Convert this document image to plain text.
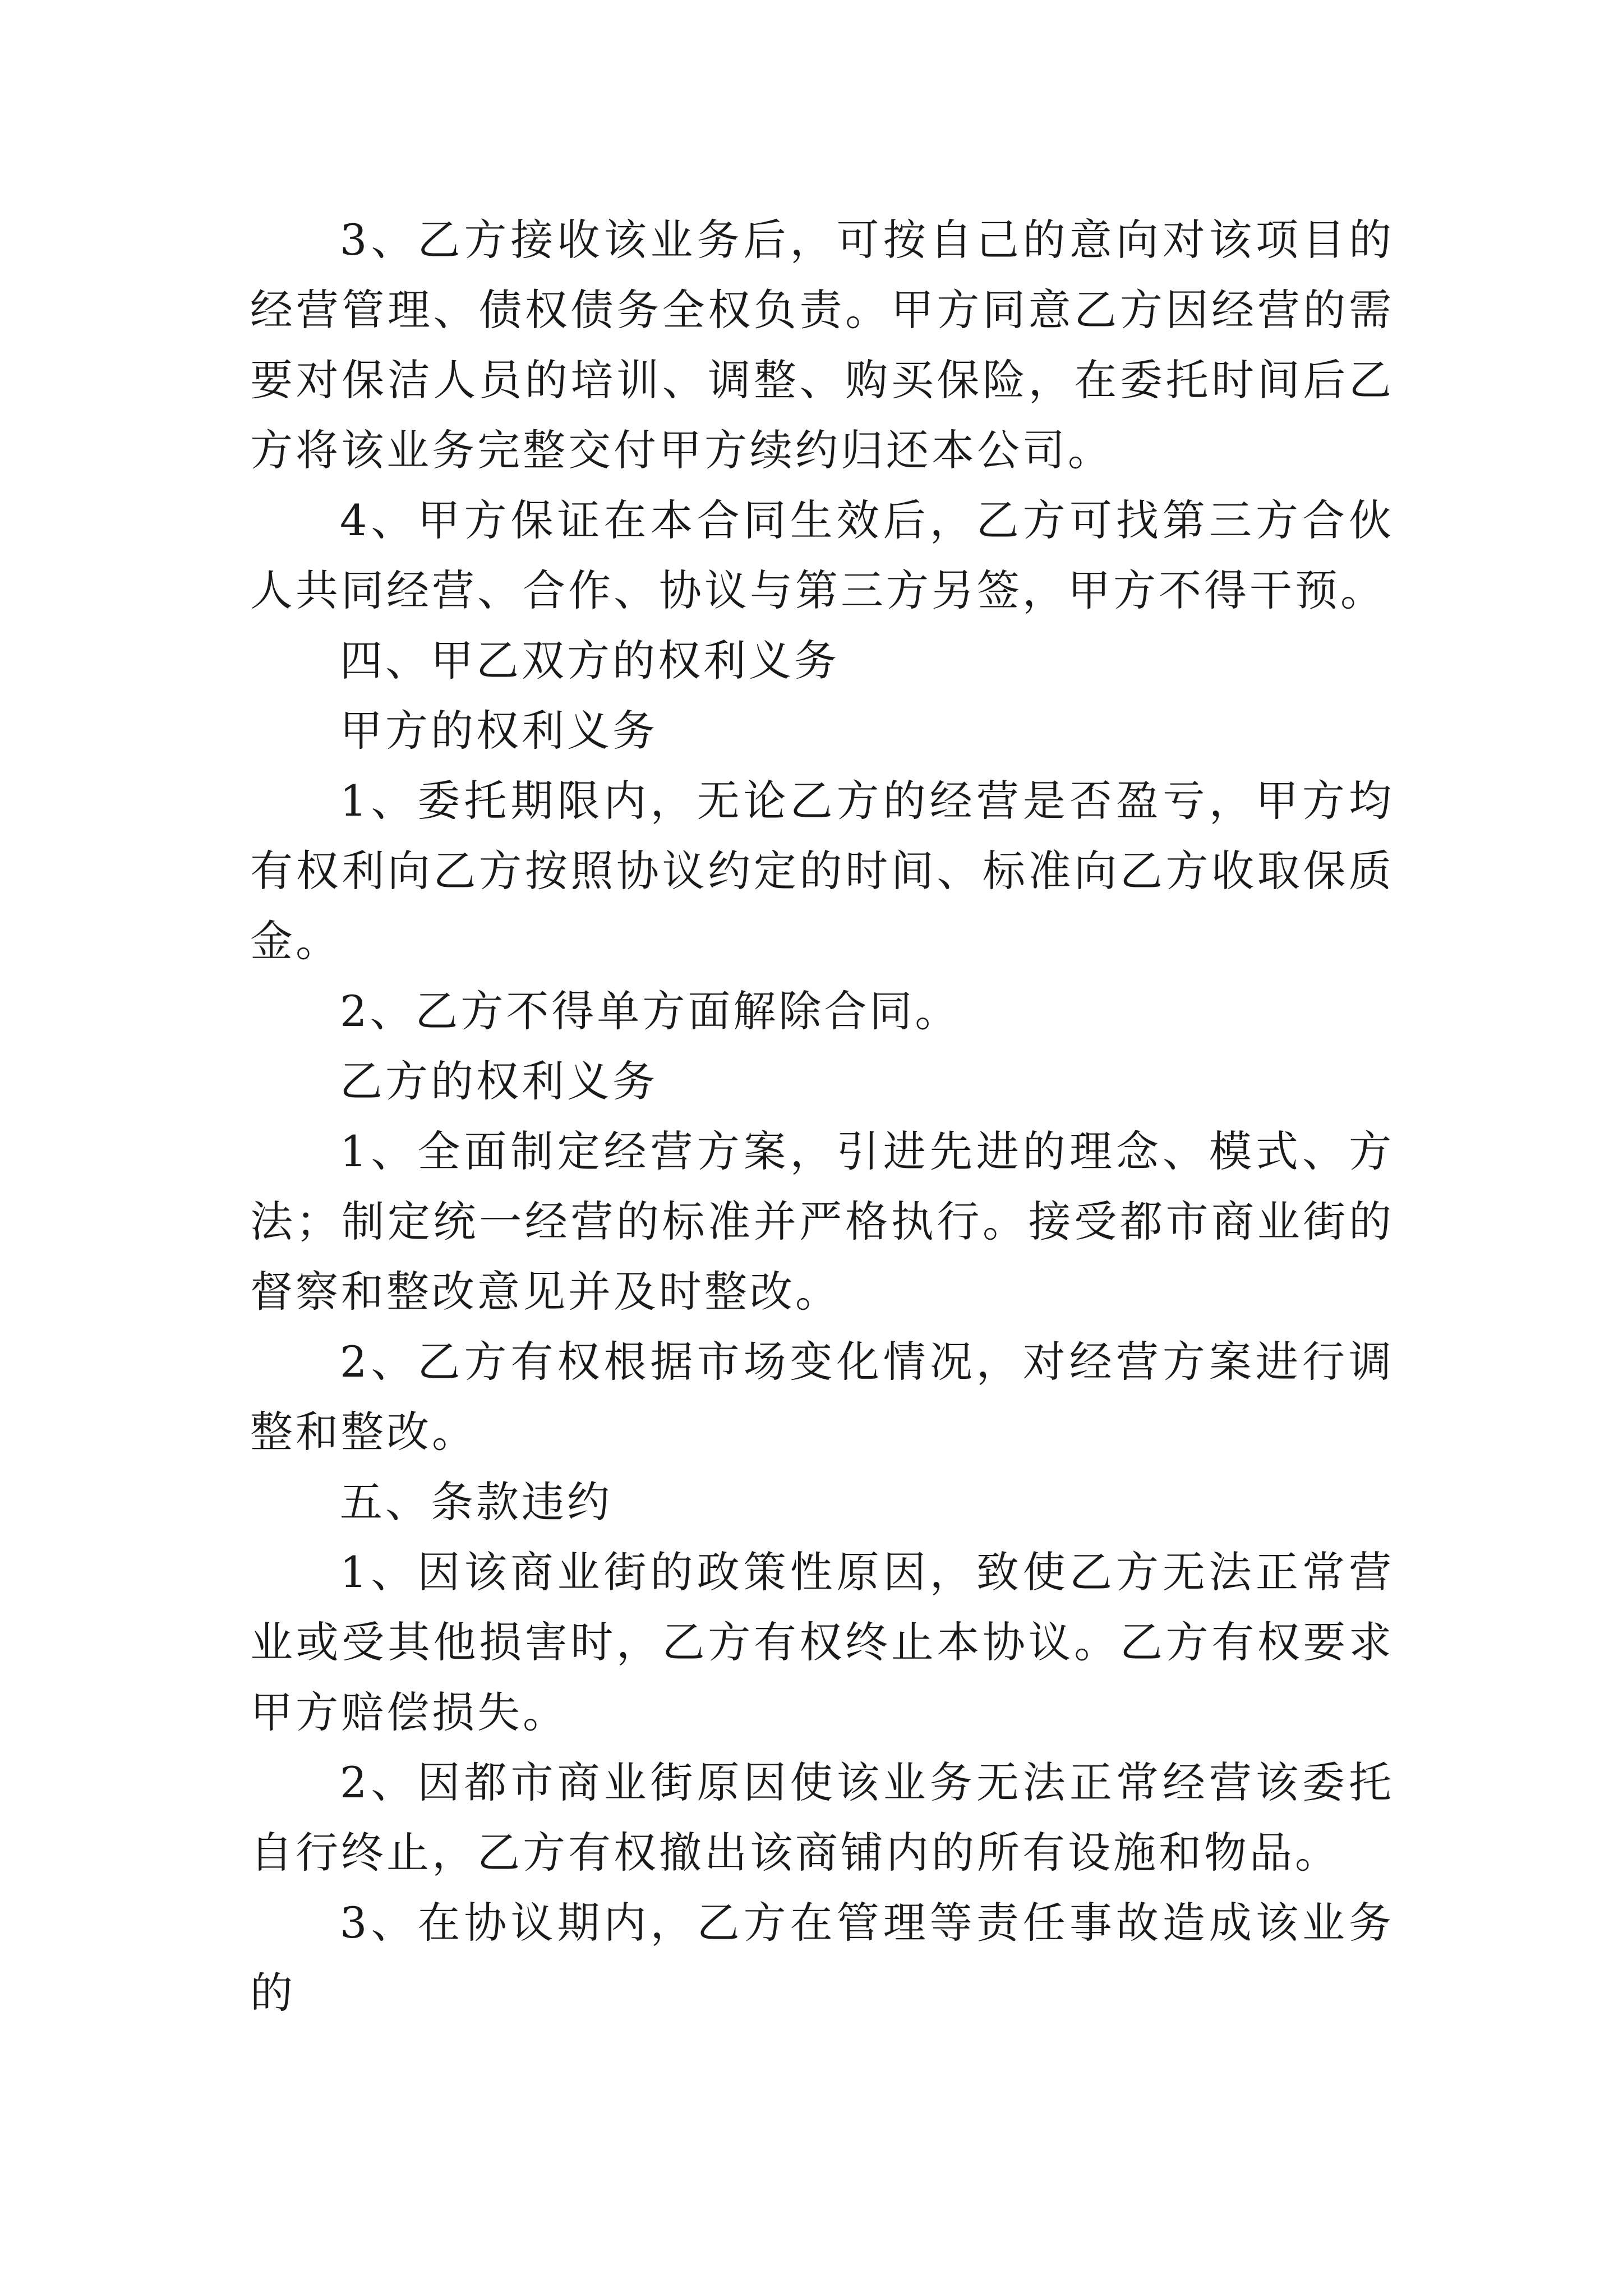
3、乙方接收该业务后，可按自己的意向对该项目的经营管理、债权债务全权负责。甲方同意乙方因经营的需要对保洁人员的培训、调整、购买保险，在委托时间后乙方将该业务完整交付甲方续约归还本公司。

4、甲方保证在本合同生效后，乙方可找第三方合伙人共同经营、合作、协议与第三方另签，甲方不得干预。

四、甲乙双方的权利义务

甲方的权利义务

1、委托期限内，无论乙方的经营是否盈亏，甲方均有权利向乙方按照协议约定的时间、标准向乙方收取保质金。

2、乙方不得单方面解除合同。

乙方的权利义务

1、全面制定经营方案，引进先进的理念、模式、方法；制定统一经营的标准并严格执行。接受都市商业街的督察和整改意见并及时整改。

2、乙方有权根据市场变化情况，对经营方案进行调整和整改。

五、条款违约

1、因该商业街的政策性原因，致使乙方无法正常营业或受其他损害时，乙方有权终止本协议。乙方有权要求甲方赔偿损失。

2、因都市商业街原因使该业务无法正常经营该委托自行终止，乙方有权撤出该商铺内的所有设施和物品。

3、在协议期内，乙方在管理等责任事故造成该业务的
